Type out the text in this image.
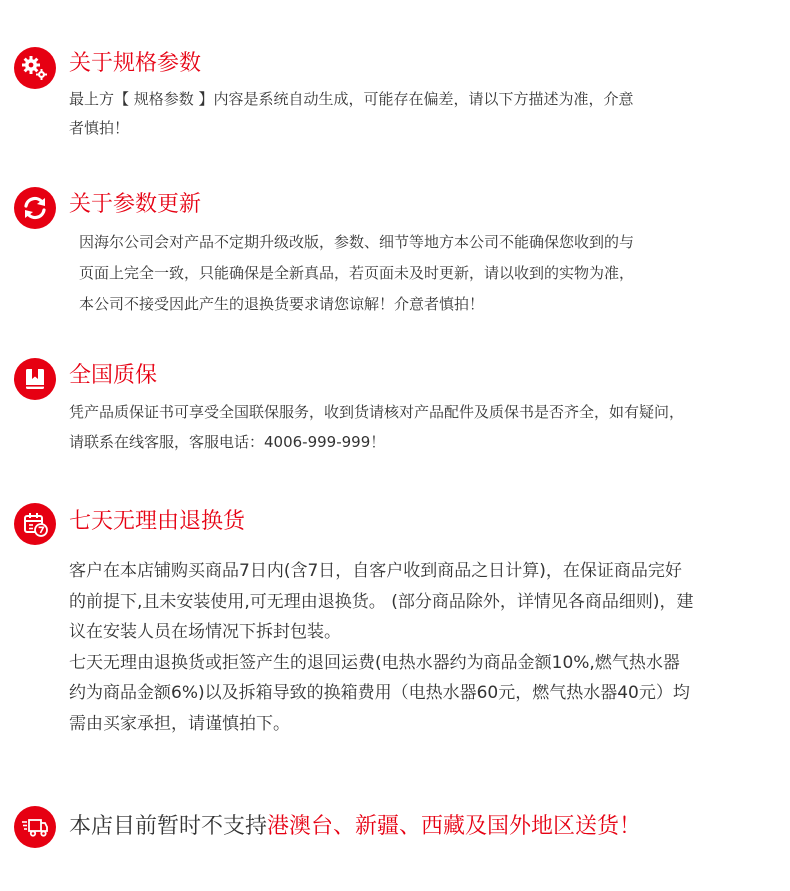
关于规格参数

最上方【 规格参数 】内容是系统自动生成，可能存在偏差，请以下方描述为准，介意

者慎拍！

关于参数更新

因海尔公司会对产品不定期升级改版，参数、细节等地方本公司不能确保您收到的与

页面上完全一致，只能确保是全新真品，若页面未及时更新，请以收到的实物为准，

本公司不接受因此产生的退换货要求请您谅解！介意者慎拍！

全国质保

凭产品质保证书可享受全国联保服务，收到货请核对产品配件及质保书是否齐全，如有疑问，

请联系在线客服，客服电话：4006-999-999！

七天无理由退换货

客户在本店铺购买商品7日内(含7日，自客户收到商品之日计算)，在保证商品完好

的前提下,且未安装使用,可无理由退换货。 (部分商品除外，详情见各商品细则)，建

议在安装人员在场情况下拆封包装。

七天无理由退换货或拒签产生的退回运费(电热水器约为商品金额10%,燃气热水器

约为商品金额6%)以及拆箱导致的换箱费用（电热水器60元，燃气热水器40元）均

需由买家承担，请谨慎拍下。

本店目前暂时不支持港澳台、新疆、西藏及国外地区送货！
